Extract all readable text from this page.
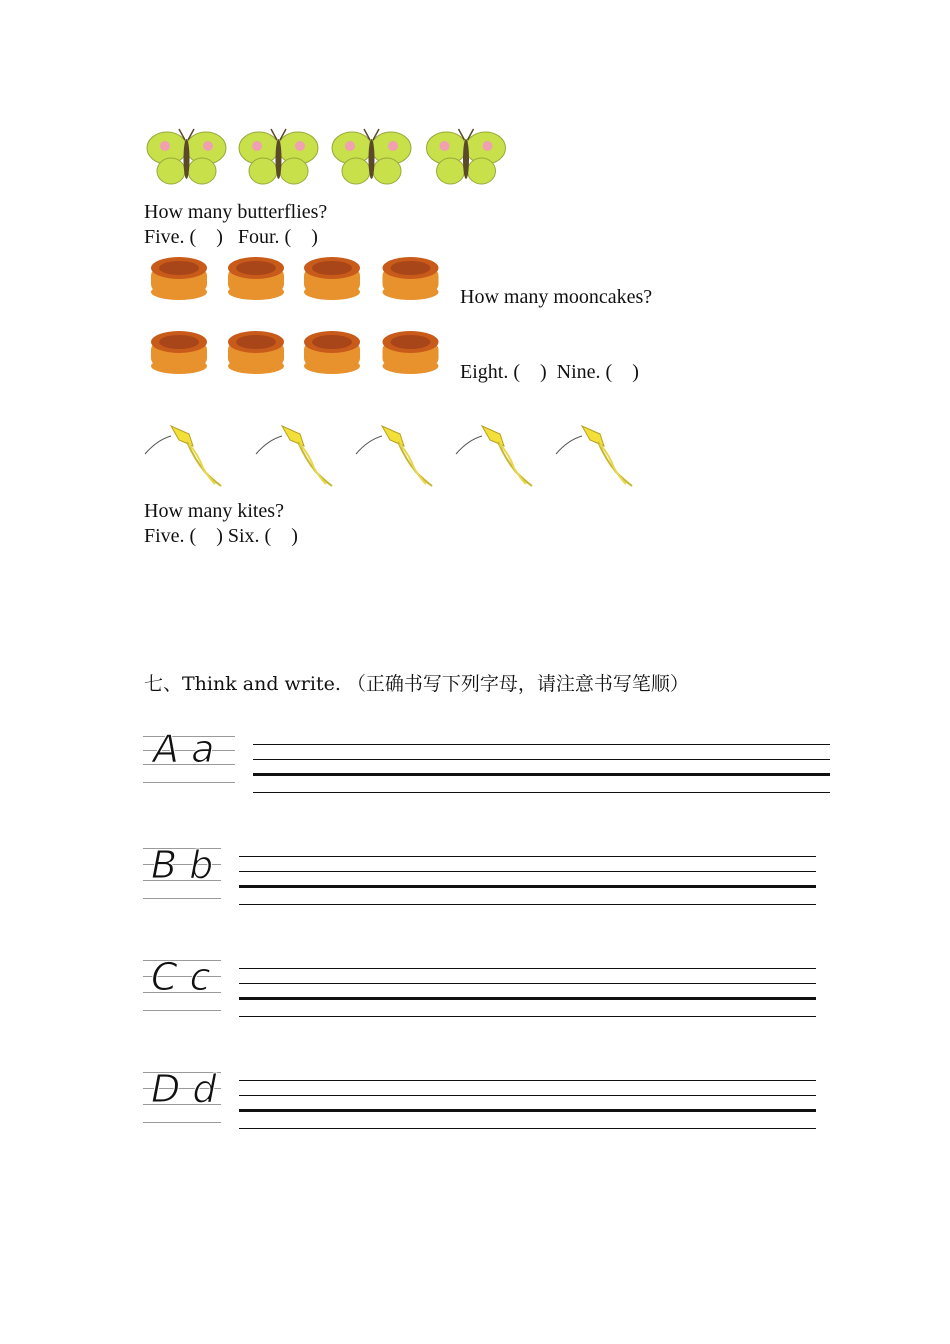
How many butterflies?
Five. (    )   Four. (    )
How many mooncakes?
Eight. (    )  Nine. (    )
How many kites?
Five. (    ) Six. (    )
七、Think and write. （正确书写下列字母，请注意书写笔顺）
A a
B b
C c
D d
